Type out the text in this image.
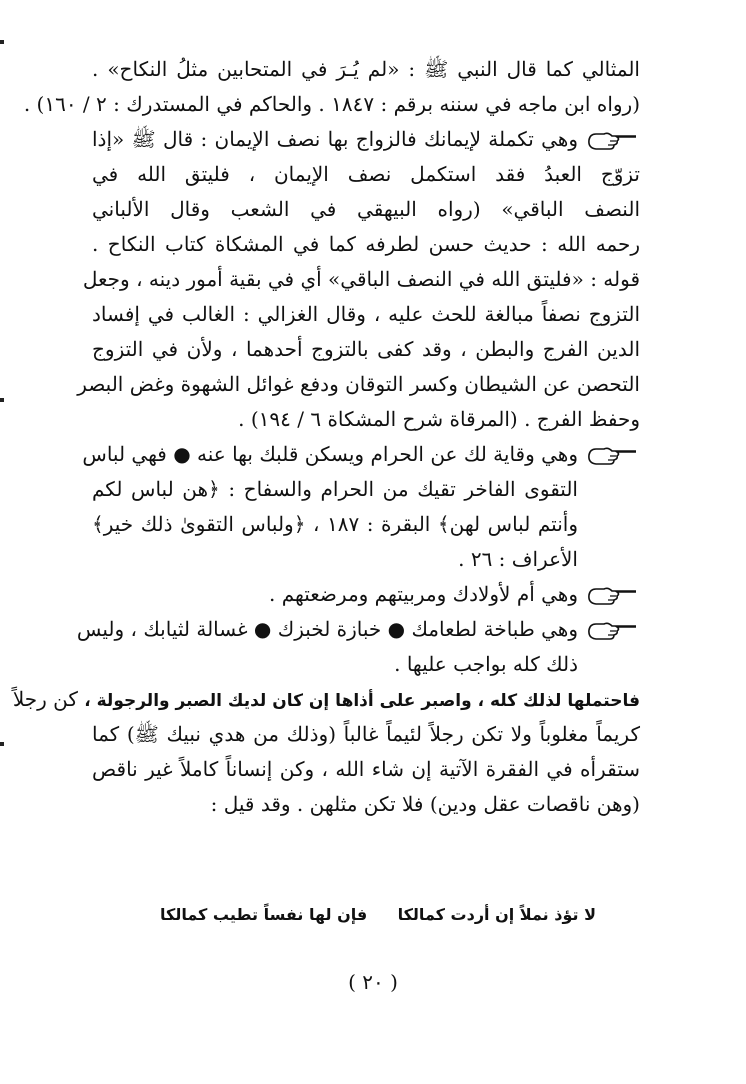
المثالي كما قال النبي ﷺ : «لم يُـرَ في المتحابين مثلُ النكاح» .
(رواه ابن ماجه في سننه برقم : ١٨٤٧ . والحاكم في المستدرك : ٢ / ١٦٠) .
وهي تكملة لإيمانك فالزواج بها نصف الإيمان : قال ﷺ «إذا
تزوّج العبدُ فقد استكمل نصف الإيمان ، فليتق الله في
النصف الباقي» (رواه البيهقي في الشعب وقال الألباني
رحمه الله : حديث حسن لطرفه كما في المشكاة كتاب النكاح .
قوله : «فليتق الله في النصف الباقي» أي في بقية أمور دينه ، وجعل
التزوج نصفاً مبالغة للحث عليه ، وقال الغزالي : الغالب في إفساد
الدين الفرج والبطن ، وقد كفى بالتزوج أحدهما ، ولأن في التزوج
التحصن عن الشيطان وكسر التوقان ودفع غوائل الشهوة وغض البصر
وحفظ الفرج . (المرقاة شرح المشكاة ٦ / ١٩٤) .
وهي وقاية لك عن الحرام ويسكن قلبك بها عنه ● فهي لباس
التقوى الفاخر تقيك من الحرام والسفاح : ﴿هن لباس لكم
وأنتم لباس لهن﴾ البقرة : ١٨٧ ، ﴿ولباس التقوىٰ ذلك خير﴾
الأعراف : ٢٦ .
وهي أم لأولادك ومربيتهم ومرضعتهم .
وهي طباخة لطعامك ● خبازة لخبزك ● غسالة لثيابك ، وليس
ذلك كله بواجب عليها .
فاحتملها لذلك كله ، واصبر على أذاها إن كان لديك الصبر والرجولة ، كن رجلاً
كريماً مغلوباً ولا تكن رجلاً لئيماً غالباً (وذلك من هدي نبيك ﷺ) كما
ستقرأه في الفقرة الآتية إن شاء الله ، وكن إنساناً كاملاً غير ناقص
(وهن ناقصات عقل ودين) فلا تكن مثلهن . وقد قيل :
لا تؤذ نملاً إن أردت كمالكا
فإن لها نفساً تطيب كمالكا
( ٢٠ )
